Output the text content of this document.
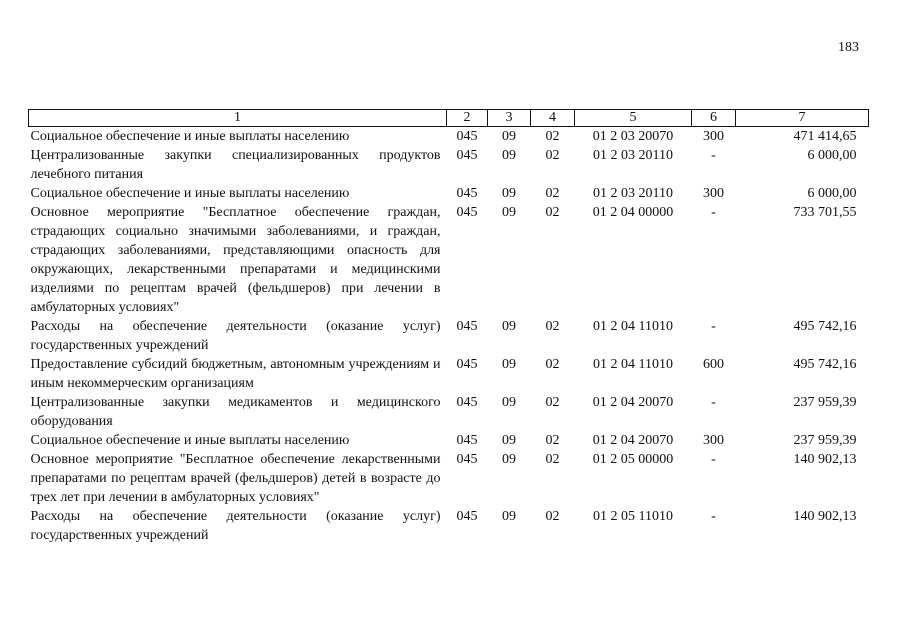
183
1	2	3	4	5	6	7
Социальное обеспечение и иные выплаты населению	045	09	02	01 2 03 20070	300	471 414,65
Централизованные закупки специализированных продуктов лечебного питания	045	09	02	01 2 03 20110	-	6 000,00
Социальное обеспечение и иные выплаты населению	045	09	02	01 2 03 20110	300	6 000,00
Основное мероприятие "Бесплатное обеспечение граждан, страдающих социально значимыми заболеваниями, и граждан, страдающих заболеваниями, представляющими опасность для окружающих, лекарственными препаратами и медицинскими изделиями по рецептам врачей (фельдшеров) при лечении в амбулаторных условиях"	045	09	02	01 2 04 00000	-	733 701,55
Расходы на обеспечение деятельности (оказание услуг) государственных учреждений	045	09	02	01 2 04 11010	-	495 742,16
Предоставление субсидий бюджетным, автономным учреждениям и иным некоммерческим организациям	045	09	02	01 2 04 11010	600	495 742,16
Централизованные закупки медикаментов и медицинского оборудования	045	09	02	01 2 04 20070	-	237 959,39
Социальное обеспечение и иные выплаты населению	045	09	02	01 2 04 20070	300	237 959,39
Основное мероприятие "Бесплатное обеспечение лекарственными препаратами по рецептам врачей (фельдшеров) детей в возрасте до трех лет при лечении в амбулаторных условиях"	045	09	02	01 2 05 00000	-	140 902,13
Расходы на обеспечение деятельности (оказание услуг) государственных учреждений	045	09	02	01 2 05 11010	-	140 902,13
